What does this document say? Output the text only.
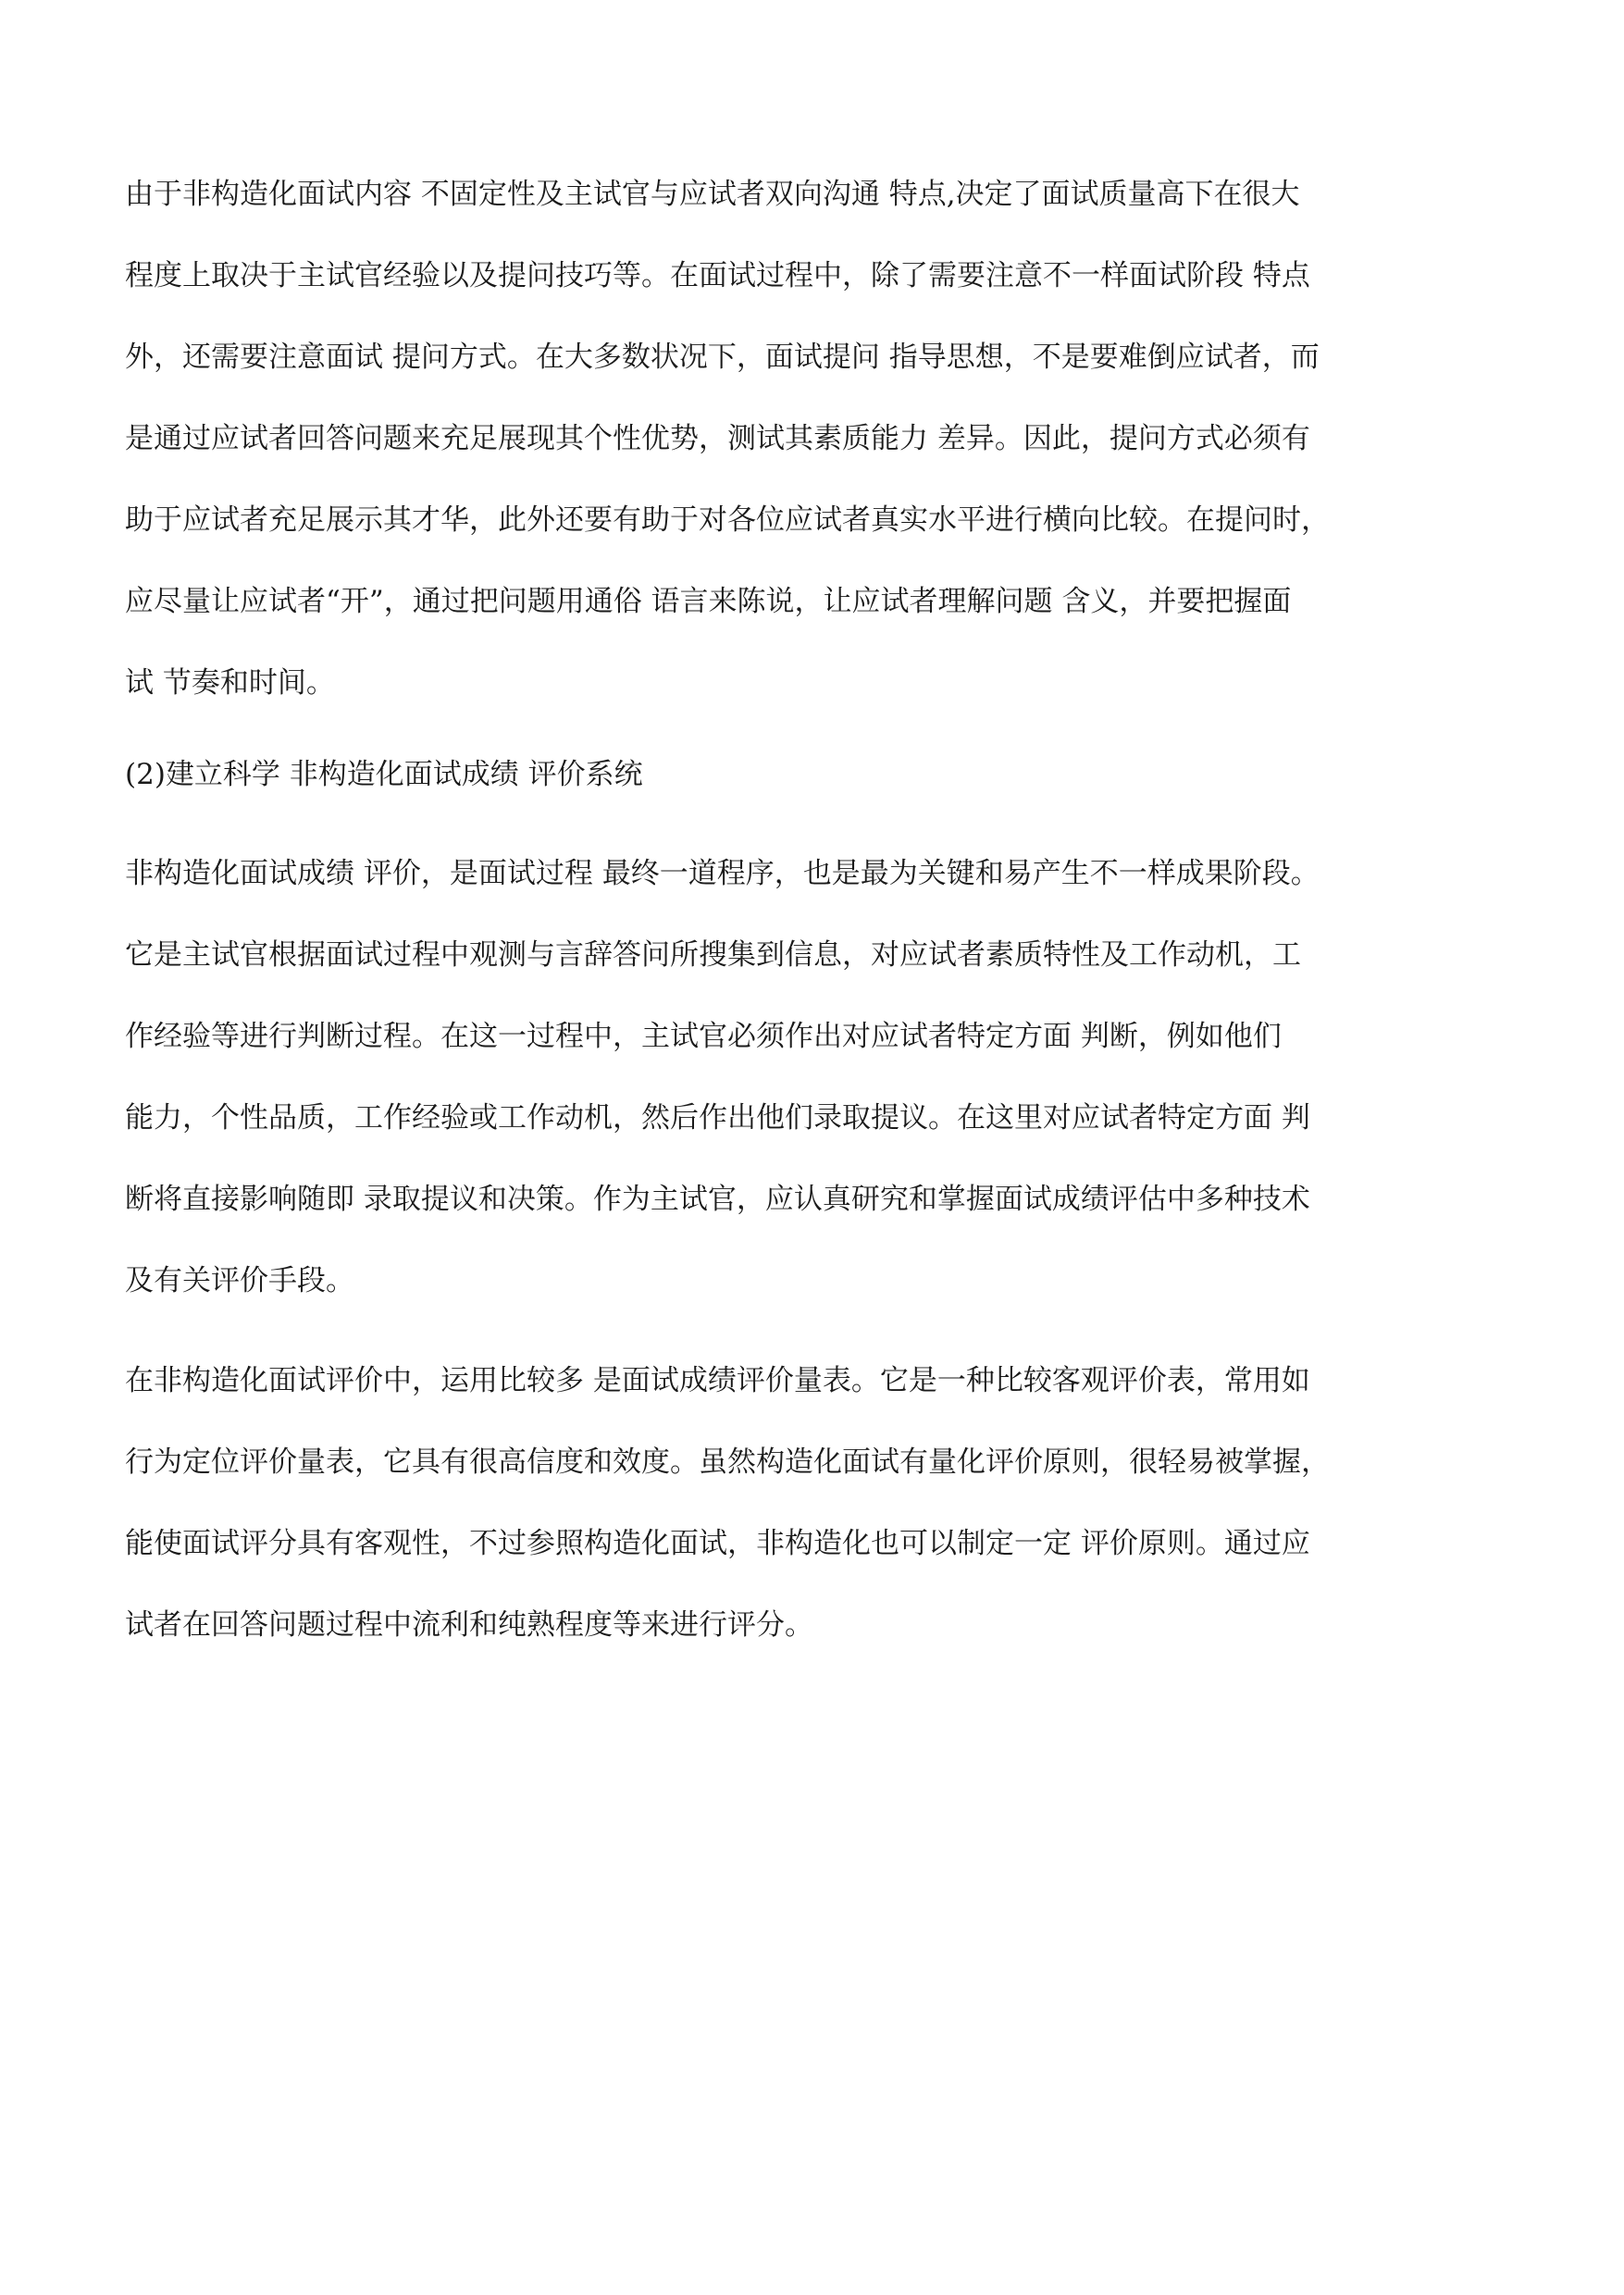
由于非构造化面试内容 不固定性及主试官与应试者双向沟通 特点,决定了面试质量高下在很大
程度上取决于主试官经验以及提问技巧等。在面试过程中，除了需要注意不一样面试阶段 特点
外，还需要注意面试 提问方式。在大多数状况下，面试提问 指导思想，不是要难倒应试者，而
是通过应试者回答问题来充足展现其个性优势，测试其素质能力 差异。因此，提问方式必须有
助于应试者充足展示其才华，此外还要有助于对各位应试者真实水平进行横向比较。在提问时，
应尽量让应试者“开”，通过把问题用通俗 语言来陈说，让应试者理解问题 含义，并要把握面
试 节奏和时间。
(2)建立科学 非构造化面试成绩 评价系统
非构造化面试成绩 评价，是面试过程 最终一道程序，也是最为关键和易产生不一样成果阶段。
它是主试官根据面试过程中观测与言辞答问所搜集到信息，对应试者素质特性及工作动机，工
作经验等进行判断过程。在这一过程中，主试官必须作出对应试者特定方面 判断，例如他们
能力，个性品质，工作经验或工作动机，然后作出他们录取提议。在这里对应试者特定方面 判
断将直接影响随即 录取提议和决策。作为主试官，应认真研究和掌握面试成绩评估中多种技术
及有关评价手段。
在非构造化面试评价中，运用比较多 是面试成绩评价量表。它是一种比较客观评价表，常用如
行为定位评价量表，它具有很高信度和效度。虽然构造化面试有量化评价原则，很轻易被掌握，
能使面试评分具有客观性，不过参照构造化面试，非构造化也可以制定一定 评价原则。通过应
试者在回答问题过程中流利和纯熟程度等来进行评分。
